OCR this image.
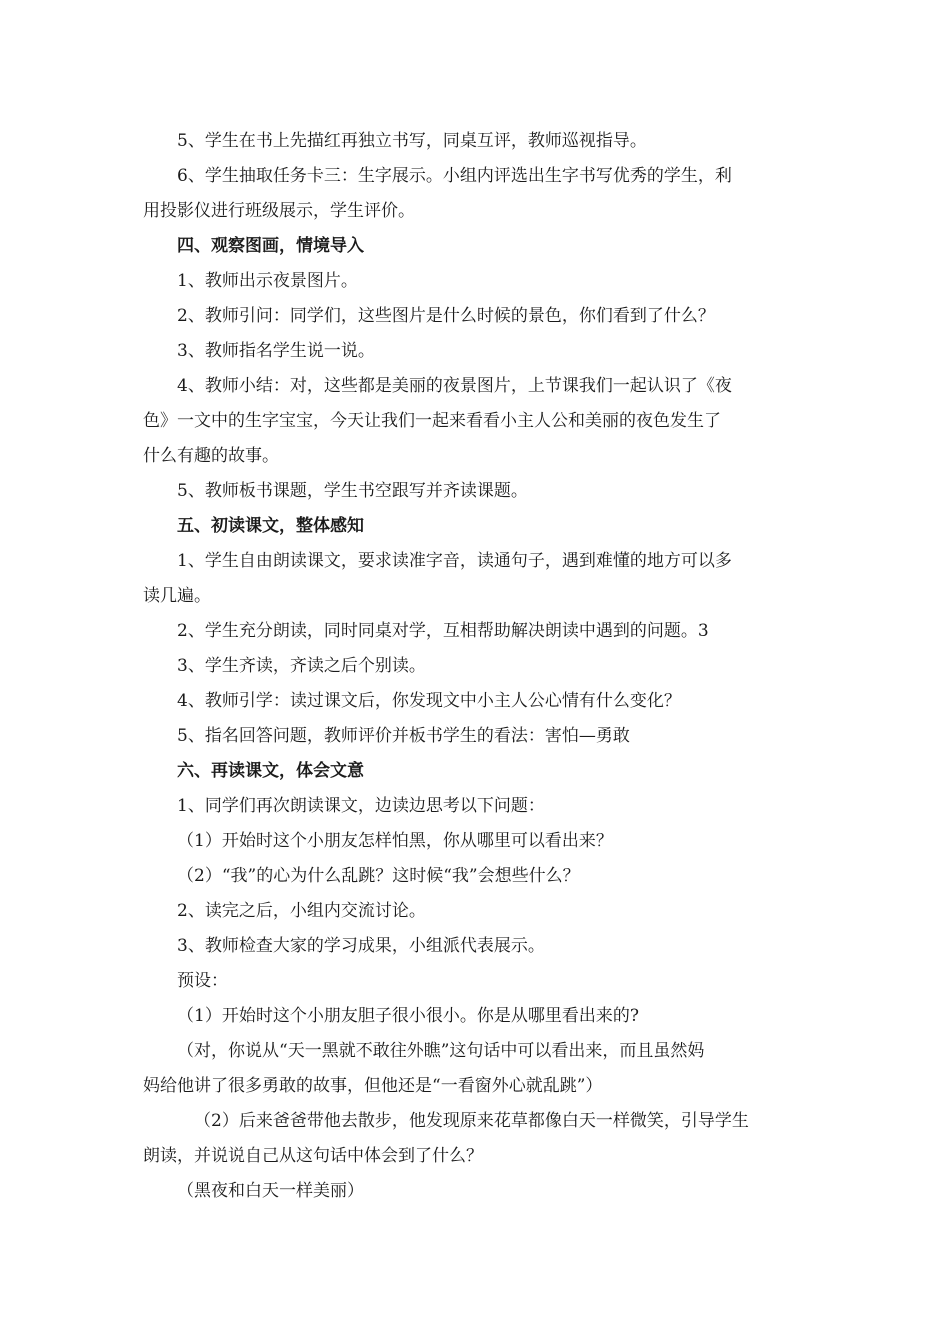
5、学生在书上先描红再独立书写，同桌互评，教师巡视指导。
6、学生抽取任务卡三：生字展示。小组内评选出生字书写优秀的学生，利
用投影仪进行班级展示，学生评价。
四、观察图画，情境导入
1、教师出示夜景图片。
2、教师引问：同学们，这些图片是什么时候的景色，你们看到了什么？
3、教师指名学生说一说。
4、教师小结：对，这些都是美丽的夜景图片，上节课我们一起认识了《夜
色》一文中的生字宝宝，今天让我们一起来看看小主人公和美丽的夜色发生了
什么有趣的故事。
5、教师板书课题，学生书空跟写并齐读课题。
五、初读课文，整体感知
1、学生自由朗读课文，要求读准字音，读通句子，遇到难懂的地方可以多
读几遍。
2、学生充分朗读，同时同桌对学，互相帮助解决朗读中遇到的问题。3
3、学生齐读，齐读之后个别读。
4、教师引学：读过课文后，你发现文中小主人公心情有什么变化？
5、指名回答问题，教师评价并板书学生的看法：害怕—勇敢
六、再读课文，体会文意
1、同学们再次朗读课文，边读边思考以下问题：
（1）开始时这个小朋友怎样怕黑，你从哪里可以看出来？
（2）“我”的心为什么乱跳？这时候“我”会想些什么？
2、读完之后，小组内交流讨论。
3、教师检查大家的学习成果，小组派代表展示。
预设：
（1）开始时这个小朋友胆子很小很小。你是从哪里看出来的?
（对，你说从“天一黑就不敢往外瞧”这句话中可以看出来，而且虽然妈
妈给他讲了很多勇敢的故事，但他还是“一看窗外心就乱跳”）
（2）后来爸爸带他去散步，他发现原来花草都像白天一样微笑，引导学生
朗读，并说说自己从这句话中体会到了什么？
（黑夜和白天一样美丽）
